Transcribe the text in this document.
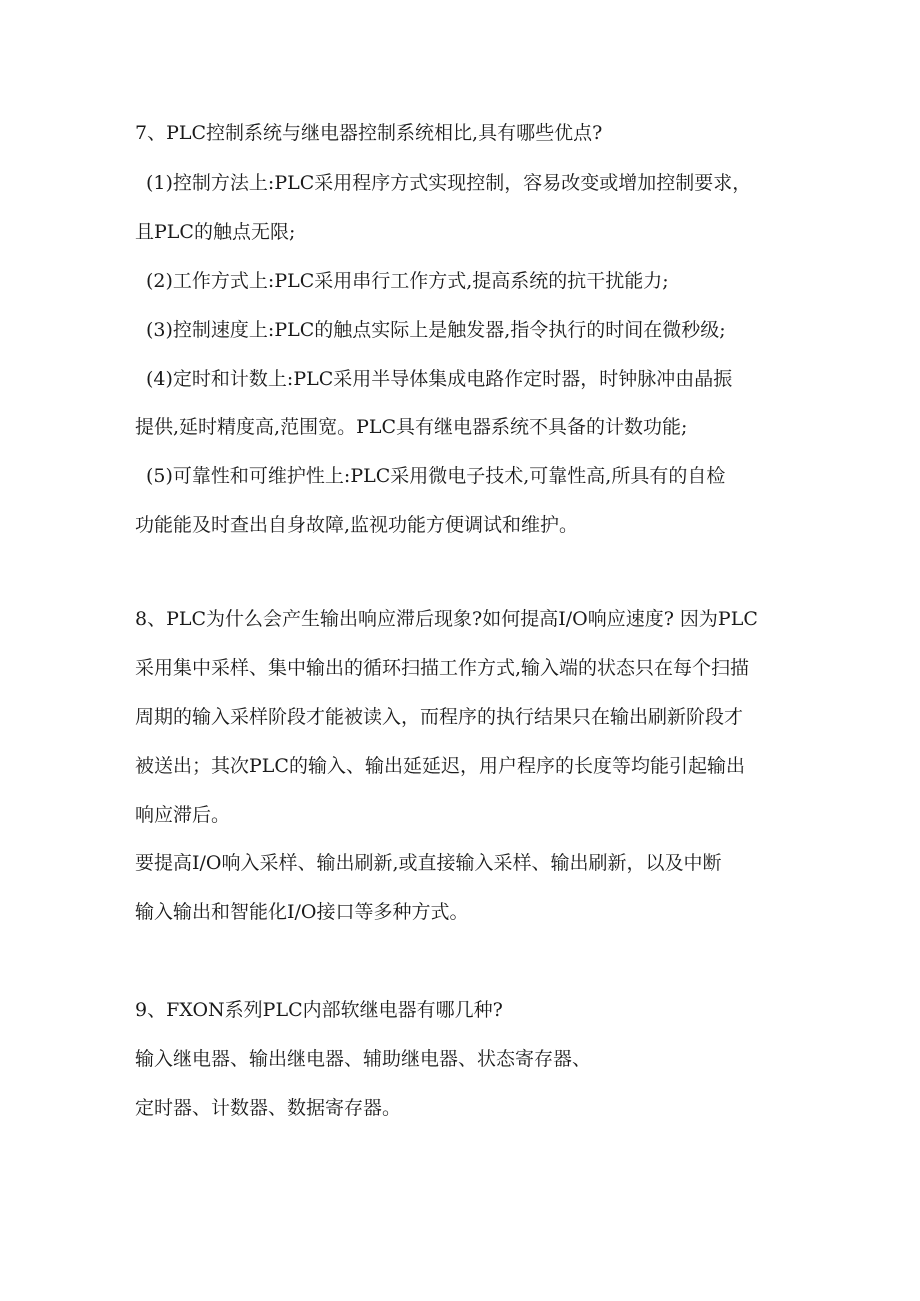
7、PLC控制系统与继电器控制系统相比,具有哪些优点?

(1)控制方法上:PLC采用程序方式实现控制，容易改变或增加控制要求，

且PLC的触点无限;

(2)工作方式上:PLC采用串行工作方式,提高系统的抗干扰能力;

(3)控制速度上:PLC的触点实际上是触发器,指令执行的时间在微秒级;

(4)定时和计数上:PLC采用半导体集成电路作定时器，时钟脉冲由晶振

提供,延时精度高,范围宽。PLC具有继电器系统不具备的计数功能;

(5)可靠性和可维护性上:PLC采用微电子技术,可靠性高,所具有的自检

功能能及时查出自身故障,监视功能方便调试和维护。

8、PLC为什么会产生输出响应滞后现象?如何提高I/O响应速度? 因为PLC

采用集中采样、集中输出的循环扫描工作方式,输入端的状态只在每个扫描

周期的输入采样阶段才能被读入，而程序的执行结果只在输出刷新阶段才

被送出；其次PLC的输入、输出延延迟，用户程序的长度等均能引起输出

响应滞后。

要提高I/O响入采样、输出刷新,或直接输入采样、输出刷新，以及中断

输入输出和智能化I/O接口等多种方式。

9、FXON系列PLC内部软继电器有哪几种?

输入继电器、输出继电器、辅助继电器、状态寄存器、

定时器、计数器、数据寄存器。
